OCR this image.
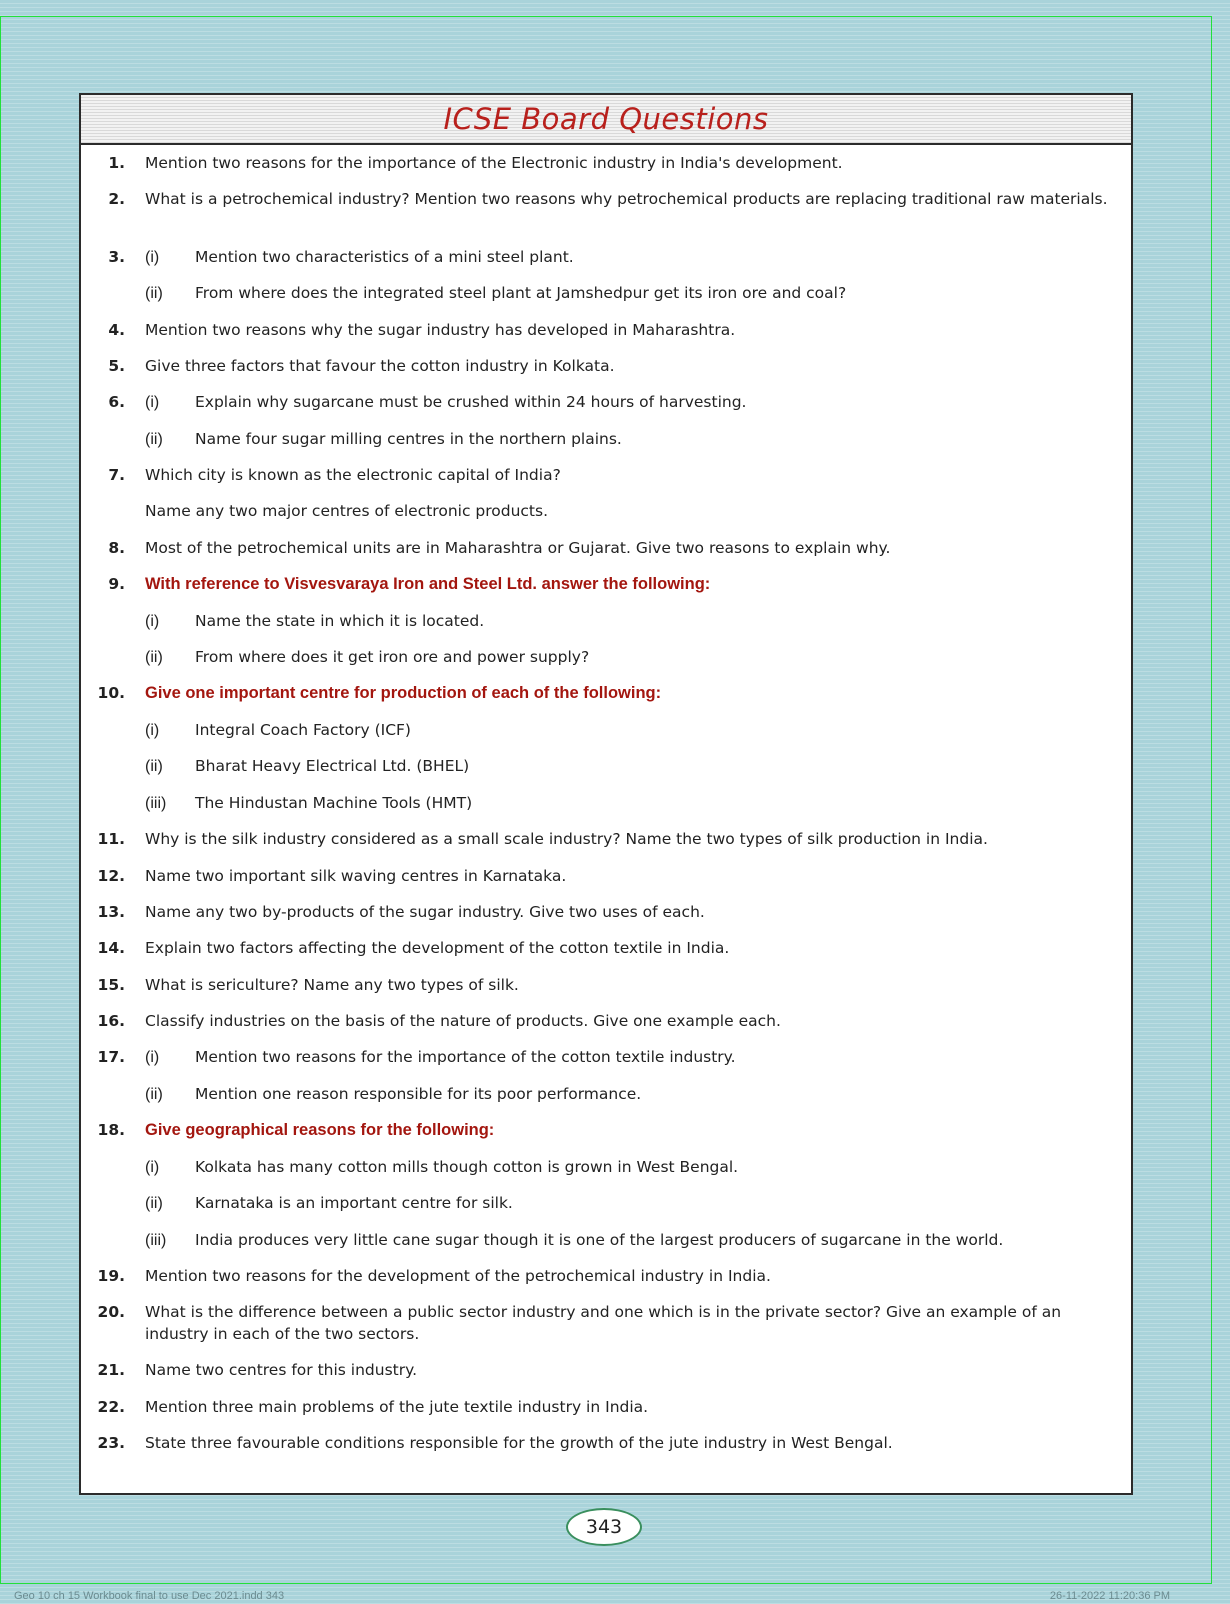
ICSE Board Questions
1. Mention two reasons for the importance of the Electronic industry in India's development.
2. What is a petrochemical industry? Mention two reasons why petrochemical products are replacing traditional raw materials.
3. (i) Mention two characteristics of a mini steel plant.
(ii) From where does the integrated steel plant at Jamshedpur get its iron ore and coal?
4. Mention two reasons why the sugar industry has developed in Maharashtra.
5. Give three factors that favour the cotton industry in Kolkata.
6. (i) Explain why sugarcane must be crushed within 24 hours of harvesting.
(ii) Name four sugar milling centres in the northern plains.
7. Which city is known as the electronic capital of India?
Name any two major centres of electronic products.
8. Most of the petrochemical units are in Maharashtra or Gujarat. Give two reasons to explain why.
9. With reference to Visvesvaraya Iron and Steel Ltd. answer the following:
(i) Name the state in which it is located.
(ii) From where does it get iron ore and power supply?
10. Give one important centre for production of each of the following:
(i) Integral Coach Factory (ICF)
(ii) Bharat Heavy Electrical Ltd. (BHEL)
(iii) The Hindustan Machine Tools (HMT)
11. Why is the silk industry considered as a small scale industry? Name the two types of silk production in India.
12. Name two important silk waving centres in Karnataka.
13. Name any two by-products of the sugar industry. Give two uses of each.
14. Explain two factors affecting the development of the cotton textile in India.
15. What is sericulture? Name any two types of silk.
16. Classify industries on the basis of the nature of products. Give one example each.
17. (i) Mention two reasons for the importance of the cotton textile industry.
(ii) Mention one reason responsible for its poor performance.
18. Give geographical reasons for the following:
(i) Kolkata has many cotton mills though cotton is grown in West Bengal.
(ii) Karnataka is an important centre for silk.
(iii) India produces very little cane sugar though it is one of the largest producers of sugarcane in the world.
19. Mention two reasons for the development of the petrochemical industry in India.
20. What is the difference between a public sector industry and one which is in the private sector? Give an example of an industry in each of the two sectors.
21. Name two centres for this industry.
22. Mention three main problems of the jute textile industry in India.
23. State three favourable conditions responsible for the growth of the jute industry in West Bengal.
343
Geo 10 ch 15 Workbook final to use Dec 2021.indd 343	26-11-2022 11:20:36 PM
